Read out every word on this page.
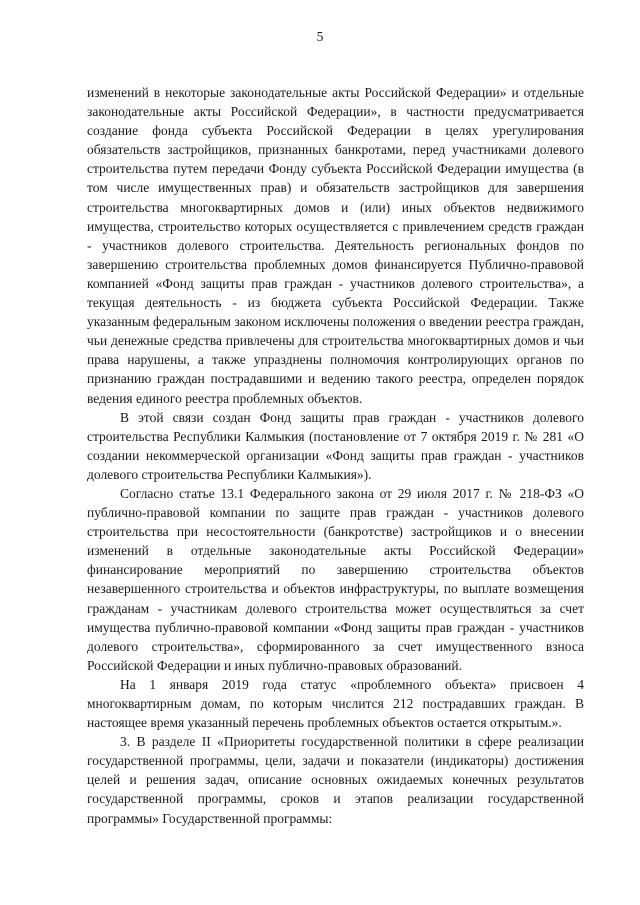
5

изменений в некоторые законодательные акты Российской Федерации» и отдельные законодательные акты Российской Федерации», в частности предусматривается создание фонда субъекта Российской Федерации в целях урегулирования обязательств застройщиков, признанных банкротами, перед участниками долевого строительства путем передачи Фонду субъекта Российской Федерации имущества (в том числе имущественных прав) и обязательств застройщиков для завершения строительства многоквартирных домов и (или) иных объектов недвижимого имущества, строительство которых осуществляется с привлечением средств граждан - участников долевого строительства. Деятельность региональных фондов по завершению строительства проблемных домов финансируется Публично-правовой компанией «Фонд защиты прав граждан - участников долевого строительства», а текущая деятельность - из бюджета субъекта Российской Федерации. Также указанным федеральным законом исключены положения о введении реестра граждан, чьи денежные средства привлечены для строительства многоквартирных домов и чьи права нарушены, а также упразднены полномочия контролирующих органов по признанию граждан пострадавшими и ведению такого реестра, определен порядок ведения единого реестра проблемных объектов.

В этой связи создан Фонд защиты прав граждан - участников долевого строительства Республики Калмыкия (постановление от 7 октября 2019 г. № 281 «О создании некоммерческой организации «Фонд защиты прав граждан - участников долевого строительства Республики Калмыкия»).

Согласно статье 13.1 Федерального закона от 29 июля 2017 г. № 218-ФЗ «О публично-правовой компании по защите прав граждан - участников долевого строительства при несостоятельности (банкротстве) застройщиков и о внесении изменений в отдельные законодательные акты Российской Федерации» финансирование мероприятий по завершению строительства объектов незавершенного строительства и объектов инфраструктуры, по выплате возмещения гражданам - участникам долевого строительства может осуществляться за счет имущества публично-правовой компании «Фонд защиты прав граждан - участников долевого строительства», сформированного за счет имущественного взноса Российской Федерации и иных публично-правовых образований.

На 1 января 2019 года статус «проблемного объекта» присвоен 4 многоквартирным домам, по которым числится 212 пострадавших граждан. В настоящее время указанный перечень проблемных объектов остается открытым.».

3. В разделе II «Приоритеты государственной политики в сфере реализации государственной программы, цели, задачи и показатели (индикаторы) достижения целей и решения задач, описание основных ожидаемых конечных результатов государственной программы, сроков и этапов реализации государственной программы» Государственной программы:
